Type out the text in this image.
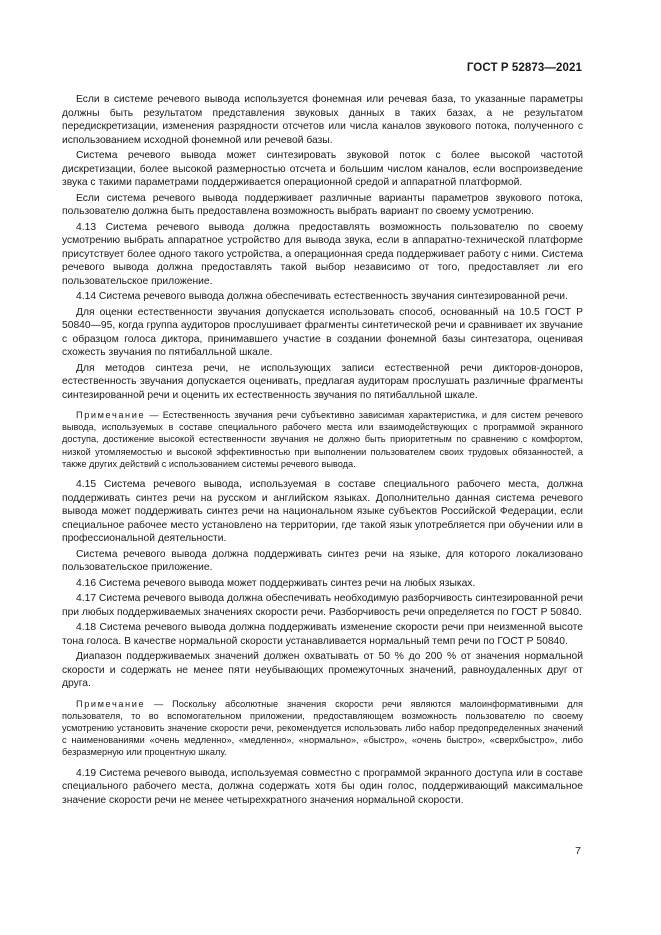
ГОСТ Р 52873—2021

Если в системе речевого вывода используется фонемная или речевая база, то указанные параметры должны быть результатом представления звуковых данных в таких базах, а не результатом передискретизации, изменения разрядности отсчетов или числа каналов звукового потока, полученного с использованием исходной фонемной или речевой базы.

Система речевого вывода может синтезировать звуковой поток с более высокой частотой дискретизации, более высокой размерностью отсчета и большим числом каналов, если воспроизведение звука с такими параметрами поддерживается операционной средой и аппаратной платформой.

Если система речевого вывода поддерживает различные варианты параметров звукового потока, пользователю должна быть предоставлена возможность выбрать вариант по своему усмотрению.

4.13 Система речевого вывода должна предоставлять возможность пользователю по своему усмотрению выбрать аппаратное устройство для вывода звука, если в аппаратно-технической платформе присутствует более одного такого устройства, а операционная среда поддерживает работу с ними. Система речевого вывода должна предоставлять такой выбор независимо от того, предоставляет ли его пользовательское приложение.

4.14 Система речевого вывода должна обеспечивать естественность звучания синтезированной речи.

Для оценки естественности звучания допускается использовать способ, основанный на 10.5 ГОСТ Р 50840—95, когда группа аудиторов прослушивает фрагменты синтетической речи и сравнивает их звучание с образцом голоса диктора, принимавшего участие в создании фонемной базы синтезатора, оценивая схожесть звучания по пятибалльной шкале.

Для методов синтеза речи, не использующих записи естественной речи дикторов-доноров, естественность звучания допускается оценивать, предлагая аудиторам прослушать различные фрагменты синтезированной речи и оценить их естественность звучания по пятибалльной шкале.

Примечание — Естественность звучания речи субъективно зависимая характеристика, и для систем речевого вывода, используемых в составе специального рабочего места или взаимодействующих с программой экранного доступа, достижение высокой естественности звучания не должно быть приоритетным по сравнению с комфортом, низкой утомляемостью и высокой эффективностью при выполнении пользователем своих трудовых обязанностей, а также других действий с использованием системы речевого вывода.

4.15 Система речевого вывода, используемая в составе специального рабочего места, должна поддерживать синтез речи на русском и английском языках. Дополнительно данная система речевого вывода может поддерживать синтез речи на национальном языке субъектов Российской Федерации, если специальное рабочее место установлено на территории, где такой язык употребляется при обучении или в профессиональной деятельности.

Система речевого вывода должна поддерживать синтез речи на языке, для которого локализовано пользовательское приложение.

4.16 Система речевого вывода может поддерживать синтез речи на любых языках.

4.17 Система речевого вывода должна обеспечивать необходимую разборчивость синтезированной речи при любых поддерживаемых значениях скорости речи. Разборчивость речи определяется по ГОСТ Р 50840.

4.18 Система речевого вывода должна поддерживать изменение скорости речи при неизменной высоте тона голоса. В качестве нормальной скорости устанавливается нормальный темп речи по ГОСТ Р 50840.

Диапазон поддерживаемых значений должен охватывать от 50 % до 200 % от значения нормальной скорости и содержать не менее пяти неубывающих промежуточных значений, равноудаленных друг от друга.

Примечание — Поскольку абсолютные значения скорости речи являются малоинформативными для пользователя, то во вспомогательном приложении, предоставляющем возможность пользователю по своему усмотрению установить значение скорости речи, рекомендуется использовать либо набор предопределенных значений с наименованиями «очень медленно», «медленно», «нормально», «быстро», «очень быстро», «сверхбыстро», либо безразмерную или процентную шкалу.

4.19 Система речевого вывода, используемая совместно с программой экранного доступа или в составе специального рабочего места, должна содержать хотя бы один голос, поддерживающий максимальное значение скорости речи не менее четырехкратного значения нормальной скорости.

7
